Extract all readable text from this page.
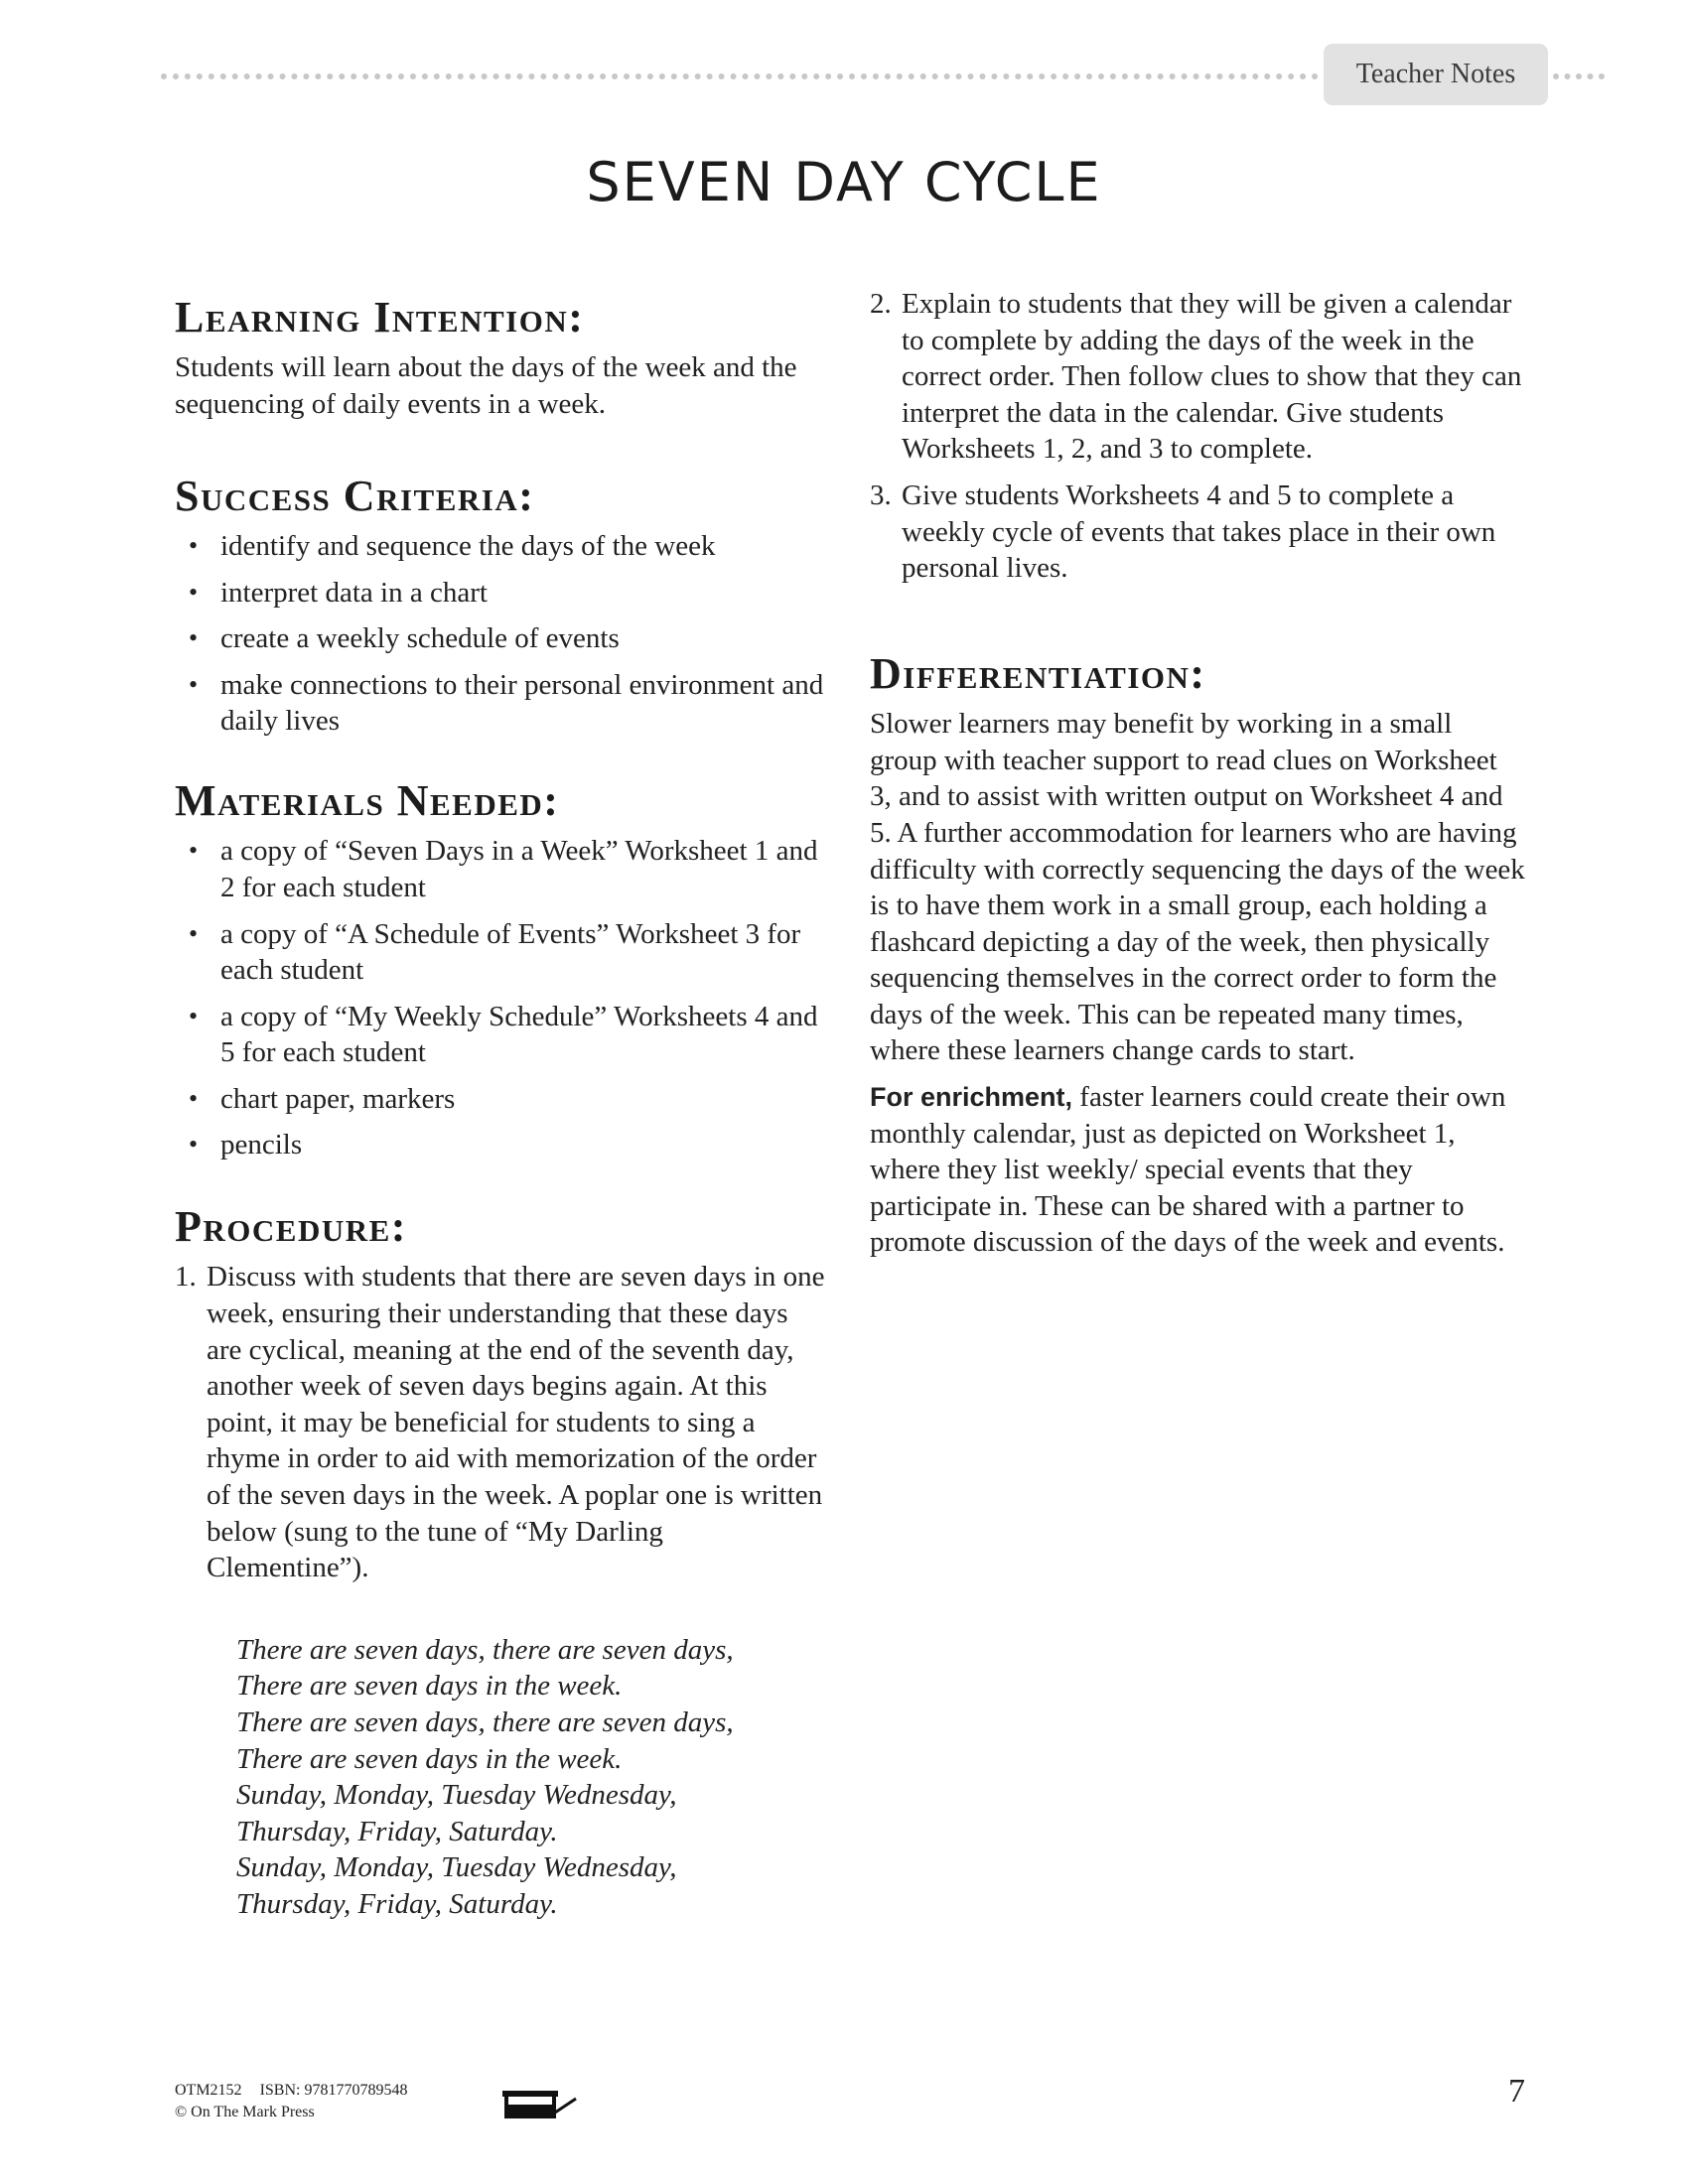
Teacher Notes
SEVEN DAY CYCLE
Learning Intention:

Students will learn about the days of the week and the sequencing of daily events in a week.

Success Criteria:
• identify and sequence the days of the week
• interpret data in a chart
• create a weekly schedule of events
• make connections to their personal environment and daily lives
Materials Needed:
• a copy of “Seven Days in a Week” Worksheet 1 and 2 for each student
• a copy of “A Schedule of Events” Worksheet 3 for each student
• a copy of “My Weekly Schedule” Worksheets 4 and 5 for each student
• chart paper, markers
• pencils
Procedure:
1. Discuss with students that there are seven days in one week, ensuring their understanding that these days are cyclical, meaning at the end of the seventh day, another week of seven days begins again. At this point, it may be beneficial for students to sing a rhyme in order to aid with memorization of the order of the seven days in the week. A poplar one is written below (sung to the tune of “My Darling Clementine”).
There are seven days, there are seven days,
There are seven days in the week.
There are seven days, there are seven days,
There are seven days in the week.
Sunday, Monday, Tuesday Wednesday,
Thursday, Friday, Saturday.
Sunday, Monday, Tuesday Wednesday,
Thursday, Friday, Saturday.
2. Explain to students that they will be given a calendar to complete by adding the days of the week in the correct order. Then follow clues to show that they can interpret the data in the calendar. Give students Worksheets 1, 2, and 3 to complete.
3. Give students Worksheets 4 and 5 to complete a weekly cycle of events that takes place in their own personal lives.
Differentiation:

Slower learners may benefit by working in a small group with teacher support to read clues on Worksheet 3, and to assist with written output on Worksheet 4 and 5. A further accommodation for learners who are having difficulty with correctly sequencing the days of the week is to have them work in a small group, each holding a flashcard depicting a day of the week, then physically sequencing themselves in the correct order to form the days of the week. This can be repeated many times, where these learners change cards to start.

For enrichment, faster learners could create their own monthly calendar, just as depicted on Worksheet 1, where they list weekly/ special events that they participate in. These can be shared with a partner to promote discussion of the days of the week and events.

OTM2152 ISBN: 9781770789548
© On The Mark Press
7
